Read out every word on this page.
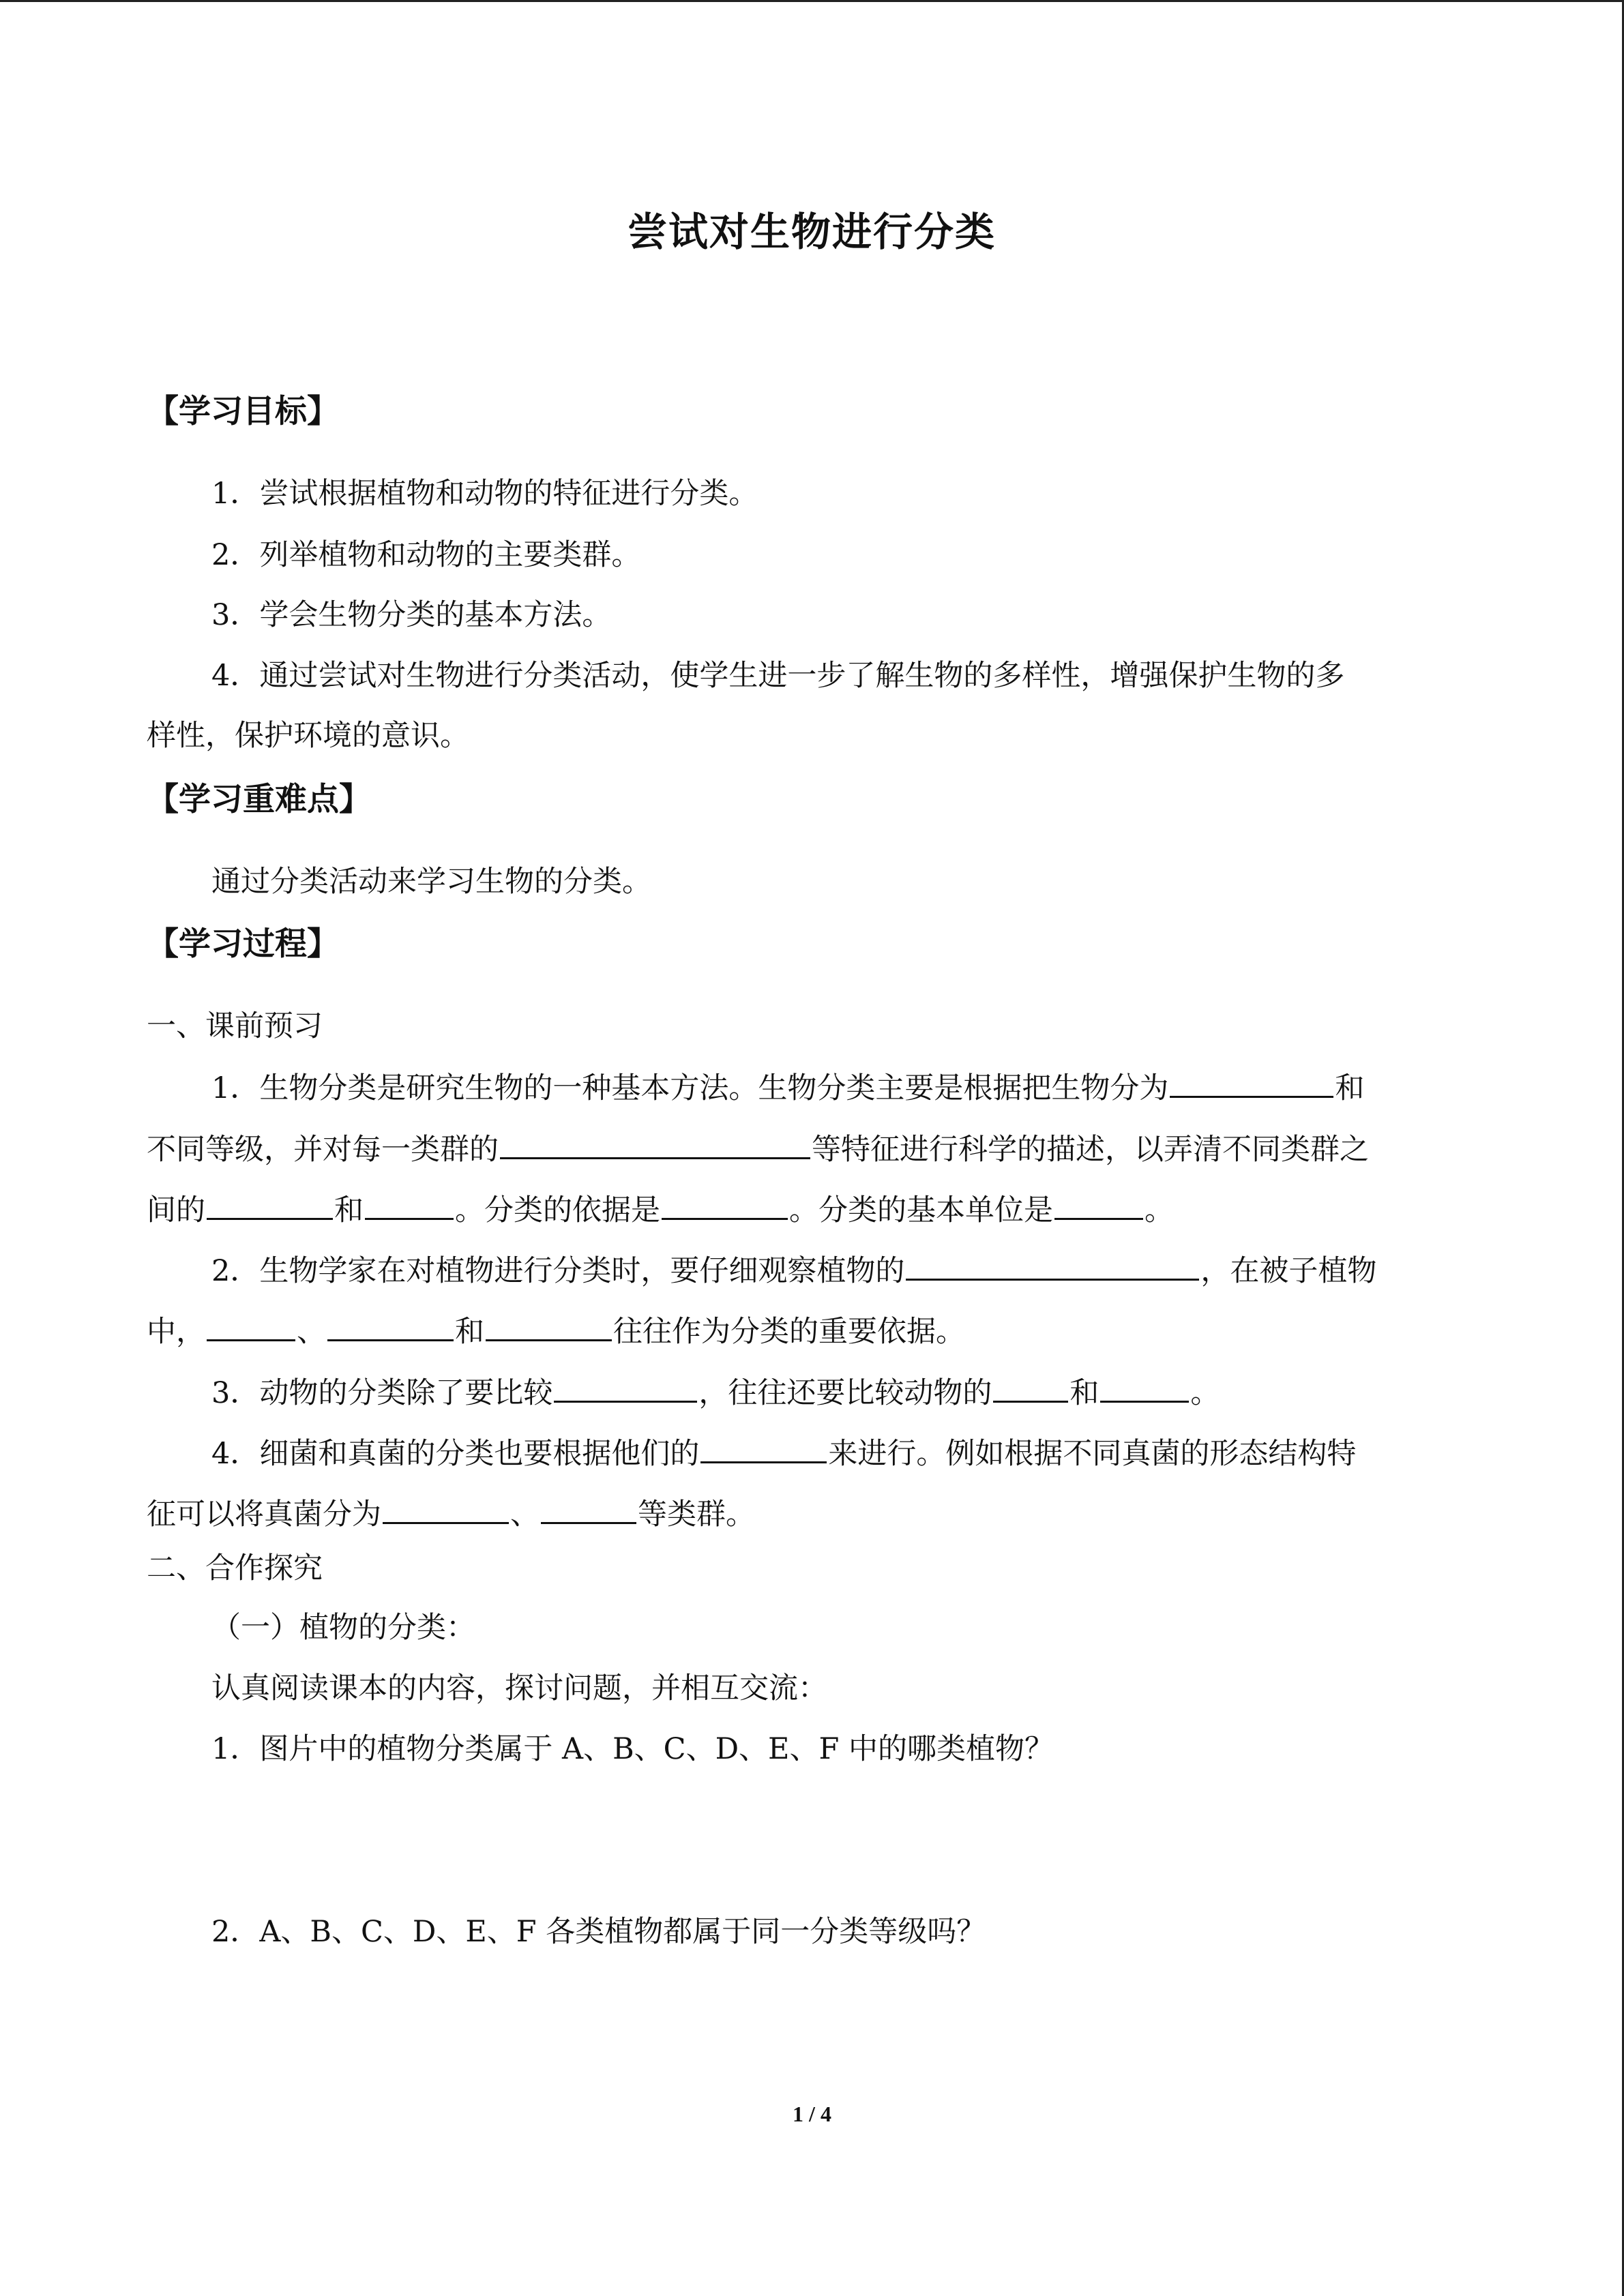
尝试对生物进行分类
【学习目标】
1．尝试根据植物和动物的特征进行分类。
2．列举植物和动物的主要类群。
3．学会生物分类的基本方法。
4．通过尝试对生物进行分类活动，使学生进一步了解生物的多样性，增强保护生物的多
样性，保护环境的意识。
【学习重难点】
通过分类活动来学习生物的分类。
【学习过程】
一、课前预习
1．生物分类是研究生物的一种基本方法。生物分类主要是根据把生物分为	和
不同等级，并对每一类群的	等特征进行科学的描述，以弄清不同类群之
间的	和	。分类的依据是	。分类的基本单位是	。
2．生物学家在对植物进行分类时，要仔细观察植物的	，在被子植物
中，	、	和	往往作为分类的重要依据。
3．动物的分类除了要比较	，往往还要比较动物的	和	。
4．细菌和真菌的分类也要根据他们的	来进行。例如根据不同真菌的形态结构特
征可以将真菌分为	、	等类群。
二、合作探究
（一）植物的分类：
认真阅读课本的内容，探讨问题，并相互交流：
1．图片中的植物分类属于 A、B、C、D、E、F 中的哪类植物？
2．A、B、C、D、E、F 各类植物都属于同一分类等级吗？
1 / 4
